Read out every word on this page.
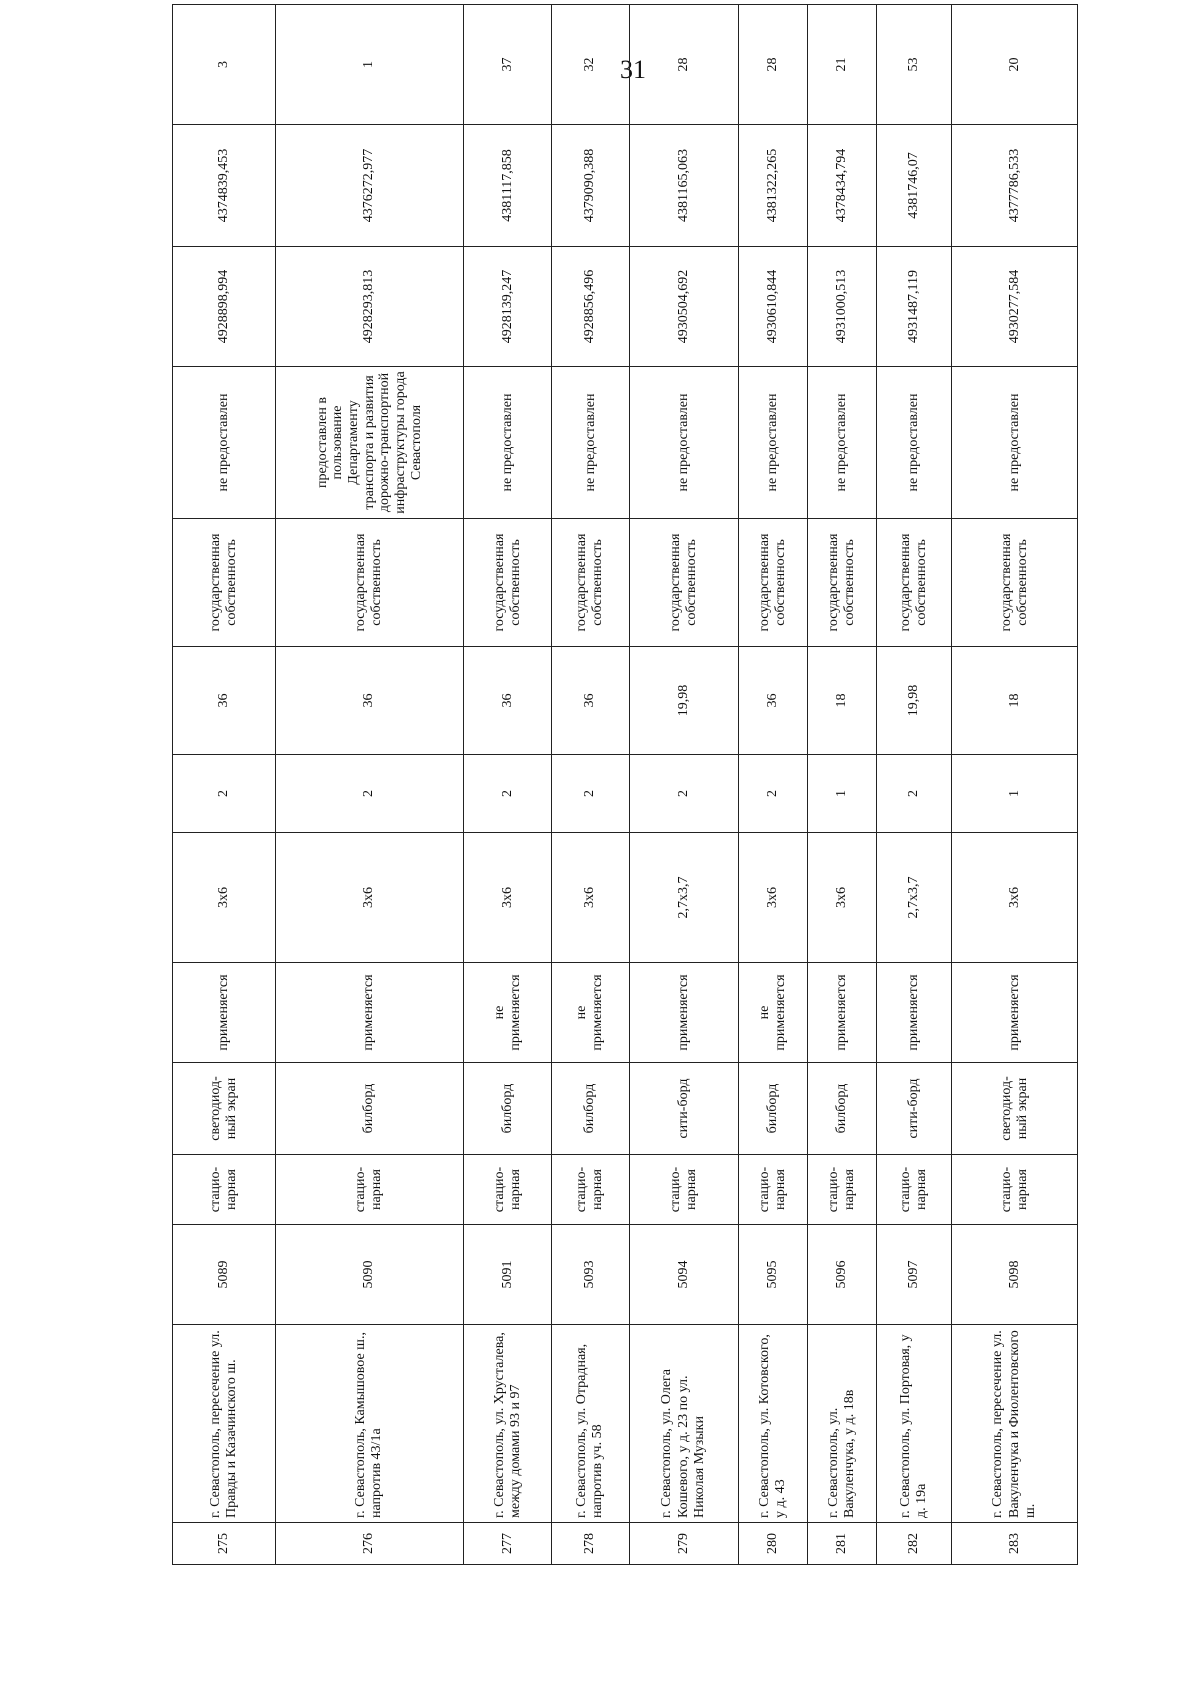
31
275	г. Севастополь, пересечение ул. Правды и Казачинского ш.	5089	стацио-нарная	светодиод-ный экран	применяется	3х6	2	36	государственная собственность	не предоставлен	4928898,994	4374839,453	3
276	г. Севастополь, Камышовое ш., напротив 43/1а	5090	стацио-нарная	билборд	применяется	3х6	2	36	государственная собственность	предоставлен в пользование Департаменту транспорта и развития дорожно-транспортной инфраструктуры города Севастополя	4928293,813	4376272,977	1
277	г. Севастополь, ул. Хрусталева, между домами 93 и 97	5091	стацио-нарная	билборд	не применяется	3х6	2	36	государственная собственность	не предоставлен	4928139,247	4381117,858	37
278	г. Севастополь, ул. Отрадная, напротив уч. 58	5093	стацио-нарная	билборд	не применяется	3х6	2	36	государственная собственность	не предоставлен	4928856,496	4379090,388	32
279	г. Севастополь, ул. Олега Кошевого, у д. 23 по ул. Николая Музыки	5094	стацио-нарная	сити-борд	применяется	2,7х3,7	2	19,98	государственная собственность	не предоставлен	4930504,692	4381165,063	28
280	г. Севастополь, ул. Котовского, у д. 43	5095	стацио-нарная	билборд	не применяется	3х6	2	36	государственная собственность	не предоставлен	4930610,844	4381322,265	28
281	г. Севастополь, ул. Вакуленчука, у д. 18в	5096	стацио-нарная	билборд	применяется	3х6	1	18	государственная собственность	не предоставлен	4931000,513	4378434,794	21
282	г. Севастополь, ул. Портовая, у д. 19а	5097	стацио-нарная	сити-борд	применяется	2,7х3,7	2	19,98	государственная собственность	не предоставлен	4931487,119	4381746,07	53
283	г. Севастополь, пересечение ул. Вакуленчука и Фиолентовского ш.	5098	стацио-нарная	светодиод-ный экран	применяется	3х6	1	18	государственная собственность	не предоставлен	4930277,584	4377786,533	20
